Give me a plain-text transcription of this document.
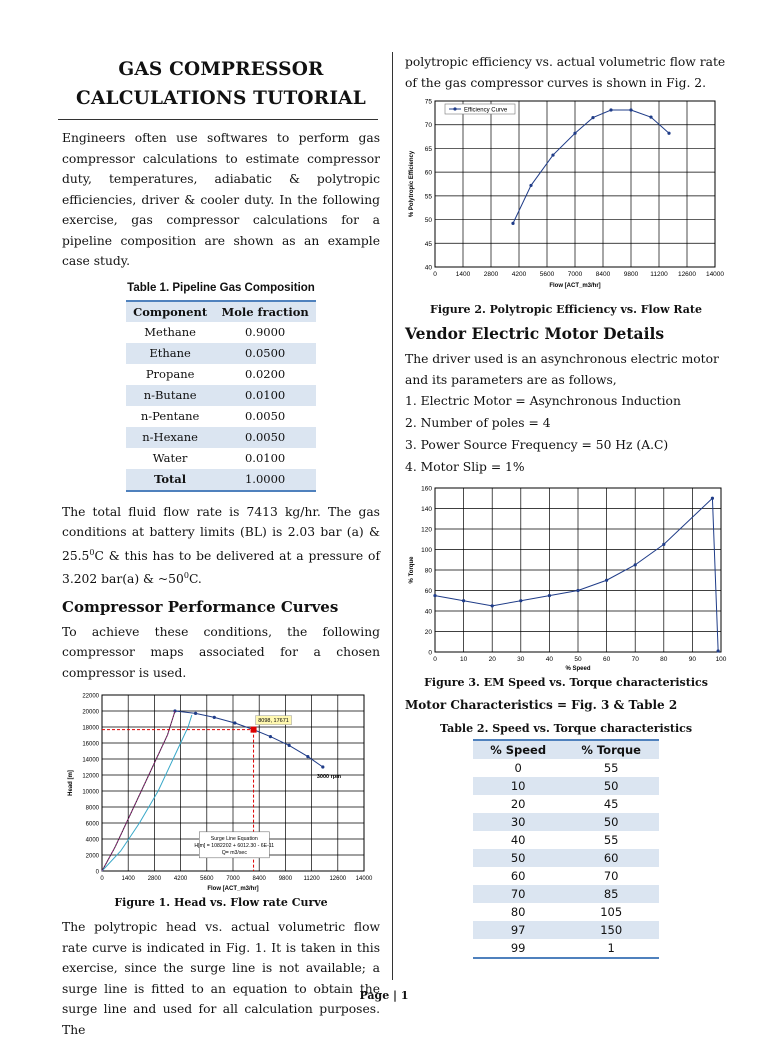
GAS COMPRESSOR
CALCULATIONS TUTORIAL

Engineers often use softwares to perform gas compressor calculations to estimate compressor duty, temperatures, adiabatic & polytropic efficiencies, driver & cooler duty. In the following exercise, gas compressor calculations for a pipeline composition are shown as an example case study.

Table 1. Pipeline Gas Composition
Component	Mole fraction
Methane	0.9000
Ethane	0.0500
Propane	0.0200
n-Butane	0.0100
n-Pentane	0.0050
n-Hexane	0.0050
Water	0.0100
Total	1.0000

The total fluid flow rate is 7413 kg/hr. The gas conditions at battery limits (BL) is 2.03 bar (a) & 25.5$^0$C & this has to be delivered at a pressure of 3.202 bar(a) & $\sim 50^0C$.

Compressor Performance Curves

To achieve these conditions, the following compressor maps associated for a chosen compressor is used.

0	1400 2800 4200 5600 7000 8400 9800 11200 12600 14000
0
2000
4000
6000
8000
10000
12000
14000
16000
18000
20000
22000
8098, 17671
3000 rpm
Surge Line Equation
H[m] = 1082202 + 6012.30 - 6E-11
Q= m3/sec
Flow [ACT_m3/hr]
Head [m]
Figure 1. Head vs. Flow rate Curve

The polytropic head vs. actual volumetric flow rate curve is indicated in Fig. 1. It is taken in this exercise, since the surge line is not available; a surge line is fitted to an equation to obtain the surge line and used for all calculation purposes. The

polytropic efficiency vs. actual volumetric flow rate of the gas compressor curves is shown in Fig. 2.

0	1400 2800 4200 5600 7000 8400 9800 11200 12600 14000
40
45
50
55
60
65
70
75
Efficiency Curve
Flow [ACT_m3/hr]
% Polytropic Efficiency
Figure 2. Polytropic Efficiency vs. Flow Rate
Vendor Electric Motor Details

The driver used is an asynchronous electric motor and its parameters are as follows,

1. Electric Motor = Asynchronous Induction
2. Number of poles = 4
3. Power Source Frequency = 50 Hz (A.C)
4. Motor Slip = 1%
0	10	20	30	40	50	60	70	80	90	100
0
20
40
60
80
100
120
140
160
% Speed
% Torque
Figure 3. EM Speed vs. Torque characteristics
Motor Characteristics = Fig. 3 & Table 2
Table 2. Speed vs. Torque characteristics
% Speed	% Torque
0	55
10	50
20	45
30	50
40	55
50	60
60	70
70	85
80	105
97	150
99	1
Page | 1
